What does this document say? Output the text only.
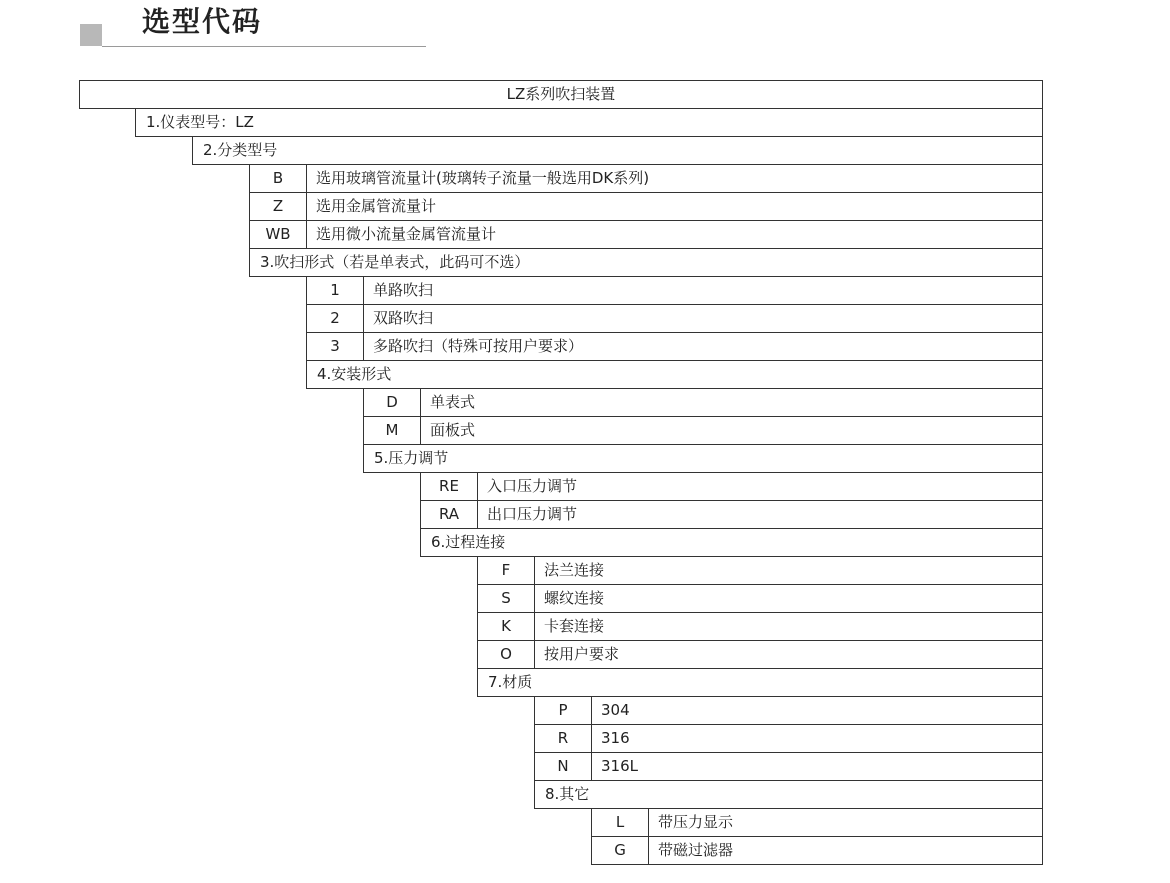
选型代码
LZ系列吹扫装置
1.仪表型号：LZ
2.分类型号
B	选用玻璃管流量计(玻璃转子流量一般选用DK系列)
Z	选用金属管流量计
WB	选用微小流量金属管流量计
3.吹扫形式（若是单表式，此码可不选）
1	单路吹扫
2	双路吹扫
3	多路吹扫（特殊可按用户要求）
4.安装形式
D	单表式
M	面板式
5.压力调节
RE	入口压力调节
RA	出口压力调节
6.过程连接
F	法兰连接
S	螺纹连接
K	卡套连接
O	按用户要求
7.材质
P	304
R	316
N	316L
8.其它
L	带压力显示
G	带磁过滤器
